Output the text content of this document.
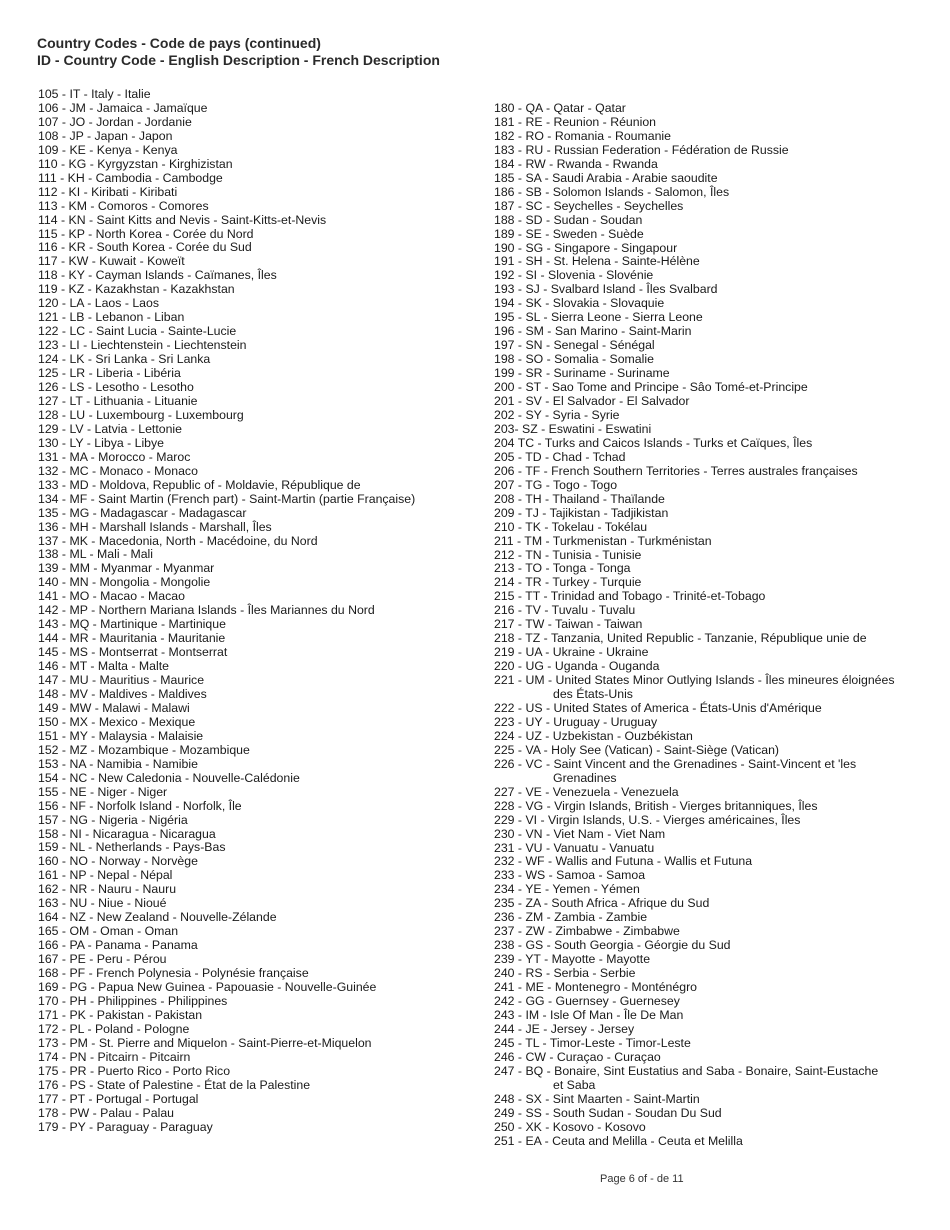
Country Codes - Code de pays (continued)
ID - Country Code - English Description - French Description
105 - IT - Italy - Italie
106 - JM - Jamaica - Jamaïque
107 - JO - Jordan - Jordanie
108 - JP - Japan - Japon
109 - KE - Kenya - Kenya
110 - KG - Kyrgyzstan - Kirghizistan
111 - KH - Cambodia - Cambodge
112 - KI - Kiribati - Kiribati
113 - KM - Comoros - Comores
114 - KN - Saint Kitts and Nevis - Saint-Kitts-et-Nevis
115 - KP - North Korea - Corée du Nord
116 - KR - South Korea - Corée du Sud
117 - KW - Kuwait - Koweït
118 - KY - Cayman Islands - Caïmanes, Îles
119 - KZ - Kazakhstan - Kazakhstan
120 - LA - Laos - Laos
121 - LB - Lebanon - Liban
122 - LC - Saint Lucia - Sainte-Lucie
123 - LI - Liechtenstein - Liechtenstein
124 - LK - Sri Lanka - Sri Lanka
125 - LR - Liberia - Libéria
126 - LS - Lesotho - Lesotho
127 - LT - Lithuania - Lituanie
128 - LU - Luxembourg - Luxembourg
129 - LV - Latvia - Lettonie
130 - LY - Libya - Libye
131 - MA - Morocco - Maroc
132 - MC - Monaco - Monaco
133 - MD - Moldova, Republic of - Moldavie, République de
134 - MF - Saint Martin (French part) - Saint-Martin (partie Française)
135 - MG - Madagascar - Madagascar
136 - MH - Marshall Islands - Marshall, Îles
137 - MK - Macedonia, North - Macédoine, du Nord
138 - ML - Mali - Mali
139 - MM - Myanmar - Myanmar
140 - MN - Mongolia - Mongolie
141 - MO - Macao - Macao
142 - MP - Northern Mariana Islands - Îles Mariannes du Nord
143 - MQ - Martinique - Martinique
144 - MR - Mauritania - Mauritanie
145 - MS - Montserrat - Montserrat
146 - MT - Malta - Malte
147 - MU - Mauritius - Maurice
148 - MV - Maldives - Maldives
149 - MW - Malawi - Malawi
150 - MX - Mexico - Mexique
151 - MY - Malaysia - Malaisie
152 - MZ - Mozambique - Mozambique
153 - NA - Namibia - Namibie
154 - NC - New Caledonia - Nouvelle-Calédonie
155 - NE - Niger - Niger
156 - NF - Norfolk Island - Norfolk, Île
157 - NG - Nigeria - Nigéria
158 - NI - Nicaragua - Nicaragua
159 - NL - Netherlands - Pays-Bas
160 - NO - Norway - Norvège
161 - NP - Nepal - Népal
162 - NR - Nauru - Nauru
163 - NU - Niue - Nioué
164 - NZ - New Zealand - Nouvelle-Zélande
165 - OM - Oman - Oman
166 - PA - Panama - Panama
167 - PE - Peru - Pérou
168 - PF - French Polynesia - Polynésie française
169 - PG - Papua New Guinea - Papouasie - Nouvelle-Guinée
170 - PH - Philippines - Philippines
171 - PK - Pakistan - Pakistan
172 - PL - Poland - Pologne
173 - PM - St. Pierre and Miquelon - Saint-Pierre-et-Miquelon
174 - PN - Pitcairn - Pitcairn
175 - PR - Puerto Rico - Porto Rico
176 - PS - State of Palestine - État de la Palestine
177 - PT - Portugal - Portugal
178 - PW - Palau - Palau
179 - PY - Paraguay - Paraguay
180 - QA - Qatar - Qatar
181 - RE - Reunion - Réunion
182 - RO - Romania - Roumanie
183 - RU - Russian Federation - Fédération de Russie
184 - RW - Rwanda - Rwanda
185 - SA - Saudi Arabia - Arabie saoudite
186 - SB - Solomon Islands - Salomon, Îles
187 - SC - Seychelles - Seychelles
188 - SD - Sudan - Soudan
189 - SE - Sweden - Suède
190 - SG - Singapore - Singapour
191 - SH - St. Helena - Sainte-Hélène
192 - SI - Slovenia - Slovénie
193 - SJ - Svalbard Island - Îles Svalbard
194 - SK - Slovakia - Slovaquie
195 - SL - Sierra Leone - Sierra Leone
196 - SM - San Marino - Saint-Marin
197 - SN - Senegal - Sénégal
198 - SO - Somalia - Somalie
199 - SR - Suriname - Suriname
200 - ST - Sao Tome and Principe - Sâo Tomé-et-Principe
201 - SV - El Salvador - El Salvador
202 - SY - Syria - Syrie
203- SZ - Eswatini - Eswatini
204 TC - Turks and Caicos Islands - Turks et Caïques, Îles
205 - TD - Chad - Tchad
206 - TF - French Southern Territories - Terres australes françaises
207 - TG - Togo - Togo
208 - TH - Thailand - Thaïlande
209 - TJ - Tajikistan - Tadjikistan
210 - TK - Tokelau - Tokélau
211 - TM - Turkmenistan - Turkménistan
212 - TN - Tunisia - Tunisie
213 - TO - Tonga - Tonga
214 - TR - Turkey - Turquie
215 - TT - Trinidad and Tobago - Trinité-et-Tobago
216 - TV - Tuvalu - Tuvalu
217 - TW - Taiwan - Taiwan
218 - TZ - Tanzania, United Republic - Tanzanie, République unie de
219 - UA - Ukraine - Ukraine
220 - UG - Uganda - Ouganda
221 - UM - United States Minor Outlying Islands - Îles mineures éloignées
des États-Unis
222 - US - United States of America - États-Unis d'Amérique
223 - UY - Uruguay - Uruguay
224 - UZ - Uzbekistan - Ouzbékistan
225 - VA - Holy See (Vatican) - Saint-Siège (Vatican)
226 - VC - Saint Vincent and the Grenadines - Saint-Vincent et 'les
Grenadines
227 - VE - Venezuela - Venezuela
228 - VG - Virgin Islands, British - Vierges britanniques, Îles
229 - VI - Virgin Islands, U.S. - Vierges américaines, Îles
230 - VN - Viet Nam - Viet Nam
231 - VU - Vanuatu - Vanuatu
232 - WF - Wallis and Futuna - Wallis et Futuna
233 - WS - Samoa - Samoa
234 - YE - Yemen - Yémen
235 - ZA - South Africa - Afrique du Sud
236 - ZM - Zambia - Zambie
237 - ZW - Zimbabwe - Zimbabwe
238 - GS - South Georgia - Géorgie du Sud
239 - YT - Mayotte - Mayotte
240 - RS - Serbia - Serbie
241 - ME - Montenegro - Monténégro
242 - GG - Guernsey - Guernesey
243 - IM - Isle Of Man - Île De Man
244 - JE - Jersey - Jersey
245 - TL - Timor-Leste - Timor-Leste
246 - CW - Curaçao - Curaçao
247 - BQ - Bonaire, Sint Eustatius and Saba - Bonaire, Saint-Eustache
et Saba
248 - SX - Sint Maarten - Saint-Martin
249 - SS - South Sudan - Soudan Du Sud
250 - XK - Kosovo - Kosovo
251 - EA - Ceuta and Melilla - Ceuta et Melilla
Page 6 of - de 11
